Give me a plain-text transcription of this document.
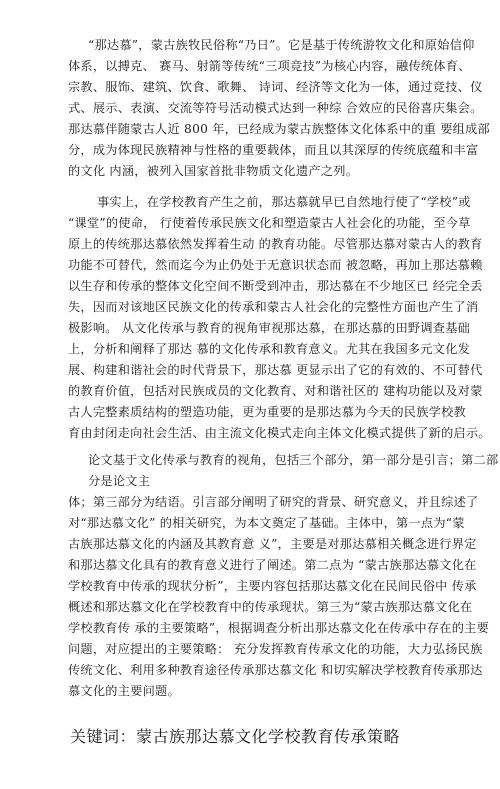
“那达慕”，蒙古族牧民俗称“乃日”。它是基于传统游牧文化和原始信仰
体系，以搏克、 赛马、射箭等传统“三项竞技”为核心内容，融传统体育、
宗教、服饰、建筑、饮食、歌舞、 诗词、经济等文化为一体，通过竞技、仪
式、展示、表演、交流等符号活动模式达到一种综 合效应的民俗喜庆集会。
那达慕伴随蒙古人近 800 年，已经成为蒙古族整体文化体系中的重 要组成部
分，成为体现民族精神与性格的重要载体，而且以其深厚的传统底蕴和丰富
的文化 内涵，被列入国家首批非物质文化遗产之列。
事实上，在学校教育产生之前，那达慕就早已自然地行使了“学校”或
“课堂”的使命， 行使着传承民族文化和塑造蒙古人社会化的功能，至今草
原上的传统那达慕依然发挥着生动 的教育功能。尽管那达慕对蒙古人的教育
功能不可替代，然而迄今为止仍处于无意识状态而 被忽略，再加上那达慕赖
以生存和传承的整体文化空间不断受到冲击，那达慕在不少地区已 经完全丢
失，因而对该地区民族文化的传承和蒙古人社会化的完整性方面也产生了消
极影响。 从文化传承与教育的视角审视那达慕，在那达慕的田野调查基础
上，分析和阐释了那达 慕的文化传承和教育意义。尤其在我国多元文化发
展、构建和谐社会的时代背景下，那达慕 更显示出了它的有效的、不可替代
的教育价值，包括对民族成员的文化教育、对和谐社区的 建构功能以及对蒙
古人完整素质结构的塑造功能，更为重要的是那达慕为今天的民族学校教
育由封闭走向社会生活、由主流文化模式走向主体文化模式提供了新的启示。
论文基于文化传承与教育的视角，包括三个部分，第一部分是引言；第二部
分是论文主
体；第三部分为结语。引言部分阐明了研究的背景、研究意义，并且综述了
对“那达慕文化” 的相关研究，为本文奠定了基础。主体中，第一点为“蒙
古族那达慕文化的内涵及其教育意 义”，主要是对那达慕相关概念进行界定
和那达慕文化具有的教育意义进行了阐述。第二点为 “蒙古族那达慕文化在
学校教育中传承的现状分析”，主要内容包括那达慕文化在民间民俗中 传承
概述和那达慕文化在学校教育中的传承现状。第三为“蒙古族那达慕文化在
学校教育传 承的主要策略”，根据调查分析出那达慕文化在传承中存在的主要
问题，对应提出的主要策略： 充分发挥教育传承文化的功能，大力弘扬民族
传统文化、利用多种教育途径传承那达慕文化 和切实解决学校教育传承那达
慕文化的主要问题。
关键词：蒙古族那达慕文化学校教育传承策略
